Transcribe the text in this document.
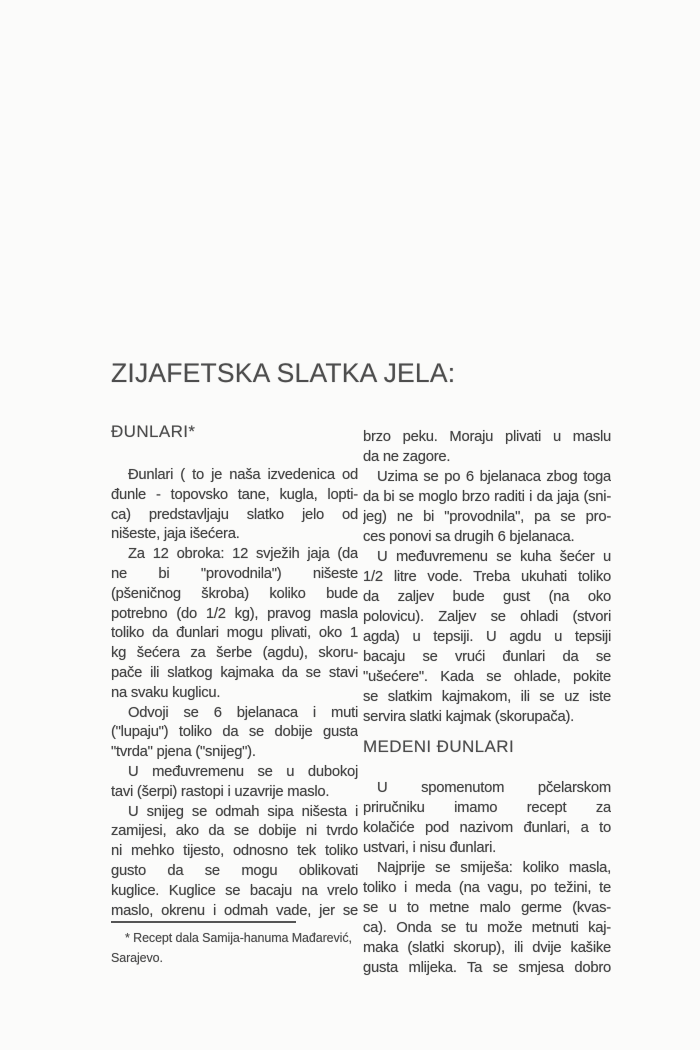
ZIJAFETSKA SLATKA JELA:
ĐUNLARI*
Đunlari ( to je naša izvedenica od
đunle - topovsko tane, kugla, lopti-
ca) predstavljaju slatko jelo od
nišeste, jaja išećera.
Za 12 obroka: 12 svježih jaja (da
ne bi "provodnila") nišeste
(pšeničnog škroba) koliko bude
potrebno (do 1/2 kg), pravog masla
toliko da đunlari mogu plivati, oko 1
kg šećera za šerbe (agdu), skoru-
pače ili slatkog kajmaka da se stavi
na svaku kuglicu.
Odvoji se 6 bjelanaca i muti
("lupaju") toliko da se dobije gusta
"tvrda" pjena ("snijeg").
U međuvremenu se u dubokoj
tavi (šerpi) rastopi i uzavrije maslo.
U snijeg se odmah sipa nišesta i
zamijesi, ako da se dobije ni tvrdo
ni mehko tijesto, odnosno tek toliko
gusto da se mogu oblikovati
kuglice. Kuglice se bacaju na vrelo
maslo, okrenu i odmah vade, jer se
brzo peku. Moraju plivati u maslu
da ne zagore.
Uzima se po 6 bjelanaca zbog toga
da bi se moglo brzo raditi i da jaja (sni-
jeg) ne bi "provodnila", pa se pro-
ces ponovi sa drugih 6 bjelanaca.
U međuvremenu se kuha šećer u
1/2 litre vode. Treba ukuhati toliko
da zaljev bude gust (na oko
polovicu). Zaljev se ohladi (stvori
agda) u tepsiji. U agdu u tepsiji
bacaju se vrući đunlari da se
"ušećere". Kada se ohlade, pokite
se slatkim kajmakom, ili se uz iste
servira slatki kajmak (skorupača).
MEDENI ĐUNLARI
U spomenutom pčelarskom
priručniku imamo recept za
kolačiće pod nazivom đunlari, a to
ustvari, i nisu đunlari.
Najprije se smiješa: koliko masla,
toliko i meda (na vagu, po težini, te
se u to metne malo germe (kvas-
ca). Onda se tu može metnuti kaj-
maka (slatki skorup), ili dvije kašike
gusta mlijeka. Ta se smjesa dobro
* Recept dala Samija-hanuma Mađarević,
Sarajevo.
